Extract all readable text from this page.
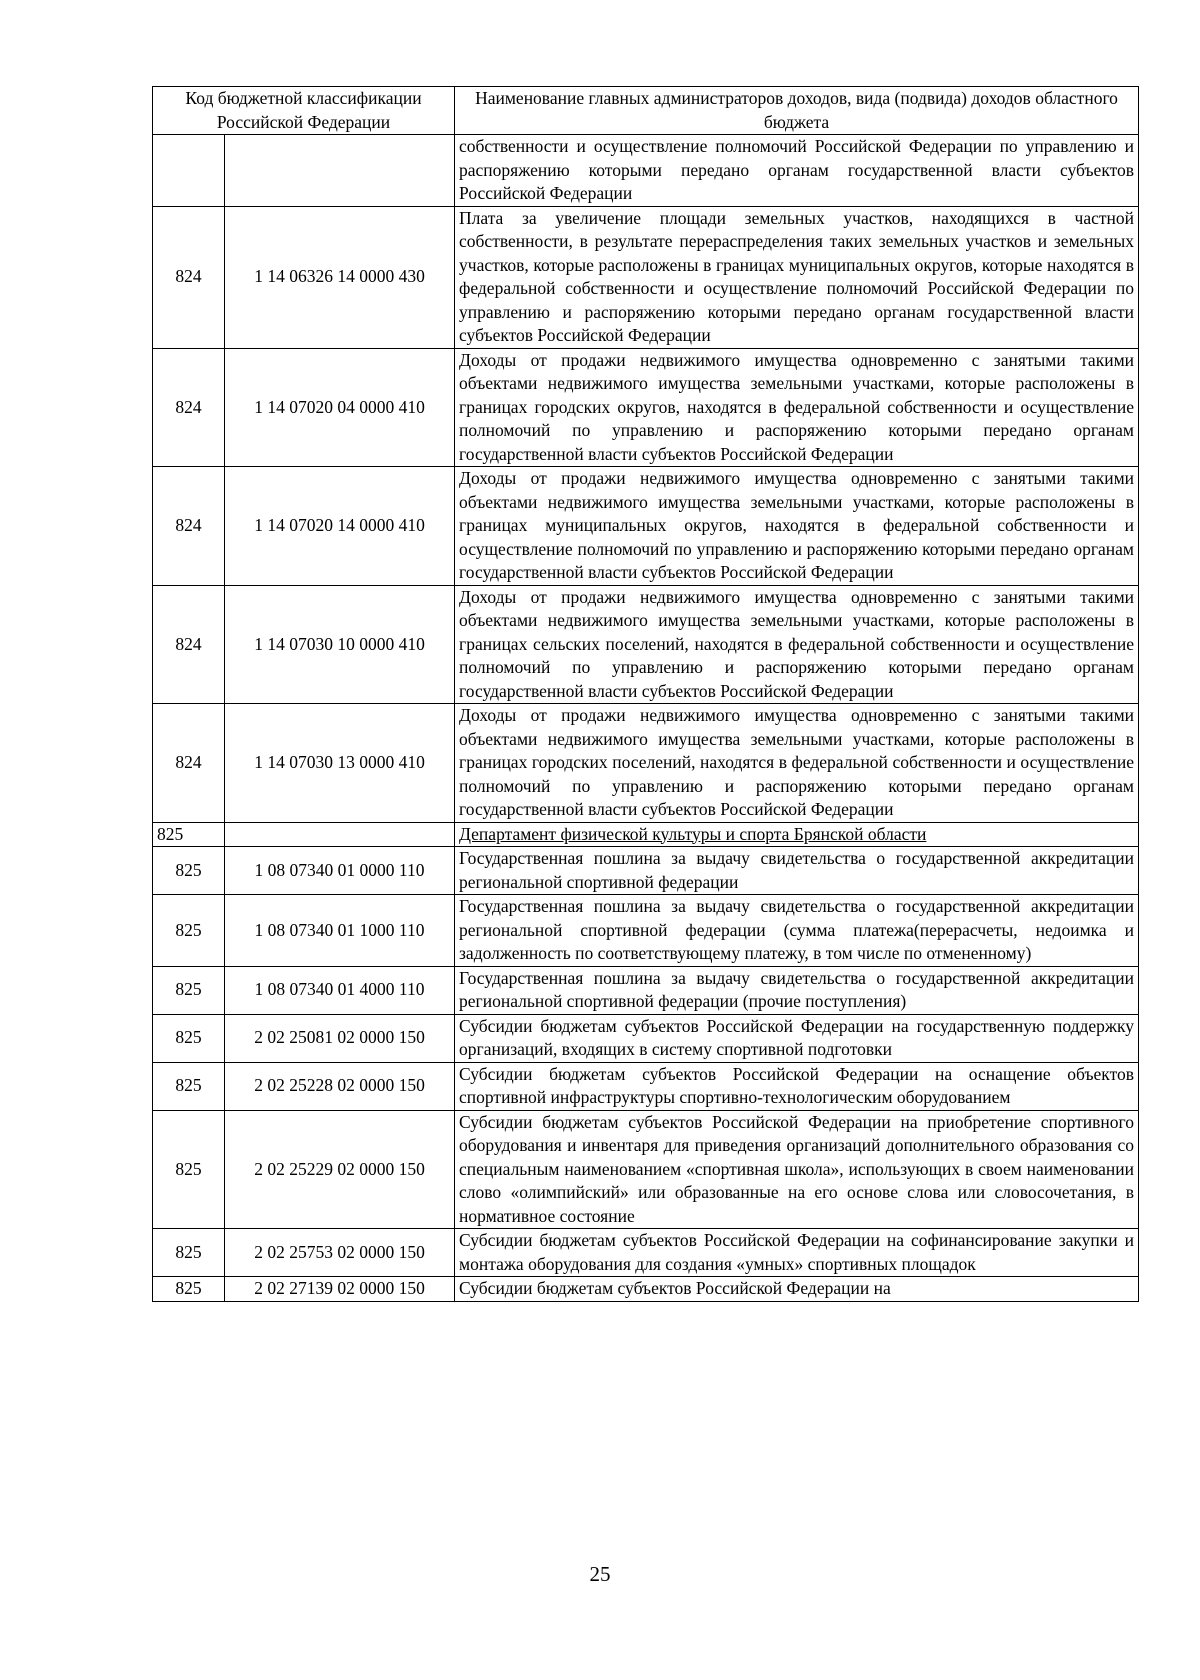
Код бюджетной классификации Российской Федерации		Наименование главных администраторов доходов, вида (подвида) доходов областного бюджета
		собственности и осуществление полномочий Российской Федерации по управлению и распоряжению которыми передано органам государственной власти субъектов Российской Федерации
824	1 14 06326 14 0000 430	Плата за увеличение площади земельных участков, находящихся в частной собственности, в результате перераспределения таких земельных участков и земельных участков, которые расположены в границах муниципальных округов, которые находятся в федеральной собственности и осуществление полномочий Российской Федерации по управлению и распоряжению которыми передано органам государственной власти субъектов Российской Федерации
824	1 14 07020 04 0000 410	Доходы от продажи недвижимого имущества одновременно с занятыми такими объектами недвижимого имущества земельными участками, которые расположены в границах городских округов, находятся в федеральной собственности и осуществление полномочий по управлению и распоряжению которыми передано органам государственной власти субъектов Российской Федерации
824	1 14 07020 14 0000 410	Доходы от продажи недвижимого имущества одновременно с занятыми такими объектами недвижимого имущества земельными участками, которые расположены в границах муниципальных округов, находятся в федеральной собственности и осуществление полномочий по управлению и распоряжению которыми передано органам государственной власти субъектов Российской Федерации
824	1 14 07030 10 0000 410	Доходы от продажи недвижимого имущества одновременно с занятыми такими объектами недвижимого имущества земельными участками, которые расположены в границах сельских поселений, находятся в федеральной собственности и осуществление полномочий по управлению и распоряжению которыми передано органам государственной власти субъектов Российской Федерации
824	1 14 07030 13 0000 410	Доходы от продажи недвижимого имущества одновременно с занятыми такими объектами недвижимого имущества земельными участками, которые расположены в границах городских поселений, находятся в федеральной собственности и осуществление полномочий по управлению и распоряжению которыми передано органам государственной власти субъектов Российской Федерации
825		Департамент физической культуры и спорта Брянской области
825	1 08 07340 01 0000 110	Государственная пошлина за выдачу свидетельства о государственной аккредитации региональной спортивной федерации
825	1 08 07340 01 1000 110	Государственная пошлина за выдачу свидетельства о государственной аккредитации региональной спортивной федерации (сумма платежа(перерасчеты, недоимка и задолженность по соответствующему платежу, в том числе по отмененному)
825	1 08 07340 01 4000 110	Государственная пошлина за выдачу свидетельства о государственной аккредитации региональной спортивной федерации (прочие поступления)
825	2 02 25081 02 0000 150	Субсидии бюджетам субъектов Российской Федерации на государственную поддержку организаций, входящих в систему спортивной подготовки
825	2 02 25228 02 0000 150	Субсидии бюджетам субъектов Российской Федерации на оснащение объектов спортивной инфраструктуры спортивно-технологическим оборудованием
825	2 02 25229 02 0000 150	Субсидии бюджетам субъектов Российской Федерации на приобретение спортивного оборудования и инвентаря для приведения организаций дополнительного образования со специальным наименованием «спортивная школа», использующих в своем наименовании слово «олимпийский» или образованные на его основе слова или словосочетания, в нормативное состояние
825	2 02 25753 02 0000 150	Субсидии бюджетам субъектов Российской Федерации на софинансирование закупки и монтажа оборудования для создания «умных» спортивных площадок
825	2 02 27139 02 0000 150	Субсидии бюджетам субъектов Российской Федерации на
25
